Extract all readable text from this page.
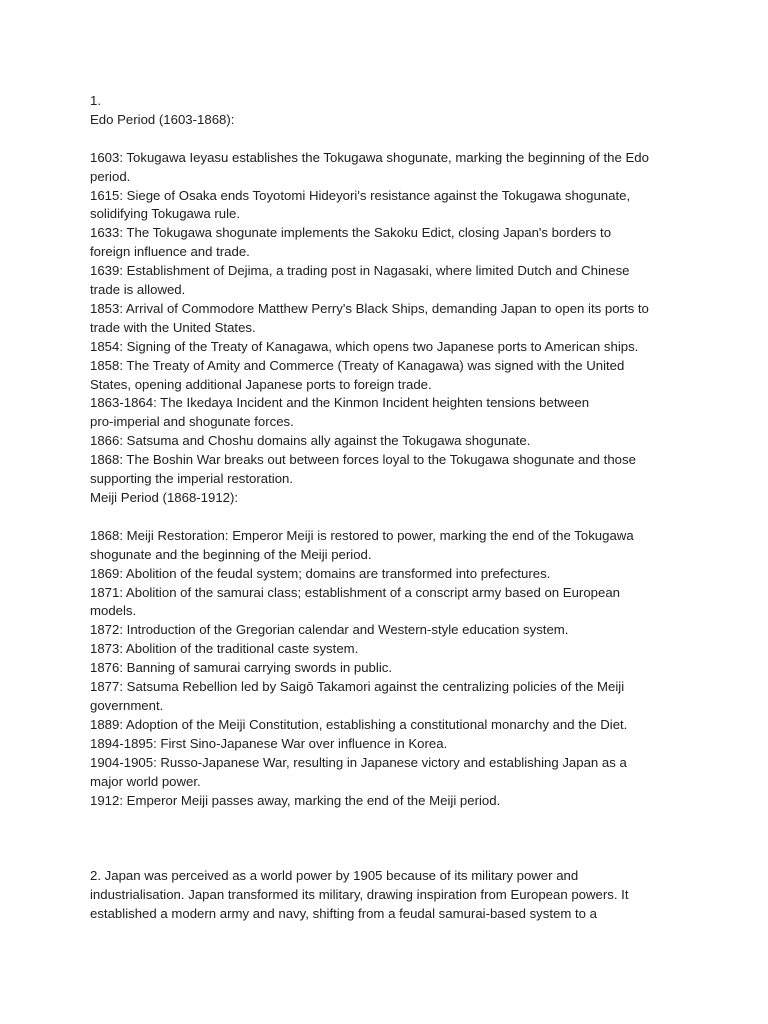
1.
Edo Period (1603-1868):
1603: Tokugawa Ieyasu establishes the Tokugawa shogunate, marking the beginning of the Edo
period.
1615: Siege of Osaka ends Toyotomi Hideyori's resistance against the Tokugawa shogunate,
solidifying Tokugawa rule.
1633: The Tokugawa shogunate implements the Sakoku Edict, closing Japan's borders to
foreign influence and trade.
1639: Establishment of Dejima, a trading post in Nagasaki, where limited Dutch and Chinese
trade is allowed.
1853: Arrival of Commodore Matthew Perry's Black Ships, demanding Japan to open its ports to
trade with the United States.
1854: Signing of the Treaty of Kanagawa, which opens two Japanese ports to American ships.
1858: The Treaty of Amity and Commerce (Treaty of Kanagawa) was signed with the United
States, opening additional Japanese ports to foreign trade.
1863-1864: The Ikedaya Incident and the Kinmon Incident heighten tensions between
pro-imperial and shogunate forces.
1866: Satsuma and Choshu domains ally against the Tokugawa shogunate.
1868: The Boshin War breaks out between forces loyal to the Tokugawa shogunate and those
supporting the imperial restoration.
Meiji Period (1868-1912):
1868: Meiji Restoration: Emperor Meiji is restored to power, marking the end of the Tokugawa
shogunate and the beginning of the Meiji period.
1869: Abolition of the feudal system; domains are transformed into prefectures.
1871: Abolition of the samurai class; establishment of a conscript army based on European
models.
1872: Introduction of the Gregorian calendar and Western-style education system.
1873: Abolition of the traditional caste system.
1876: Banning of samurai carrying swords in public.
1877: Satsuma Rebellion led by Saigō Takamori against the centralizing policies of the Meiji
government.
1889: Adoption of the Meiji Constitution, establishing a constitutional monarchy and the Diet.
1894-1895: First Sino-Japanese War over influence in Korea.
1904-1905: Russo-Japanese War, resulting in Japanese victory and establishing Japan as a
major world power.
1912: Emperor Meiji passes away, marking the end of the Meiji period.
2. Japan was perceived as a world power by 1905 because of its military power and
industrialisation. Japan transformed its military, drawing inspiration from European powers. It
established a modern army and navy, shifting from a feudal samurai-based system to a
